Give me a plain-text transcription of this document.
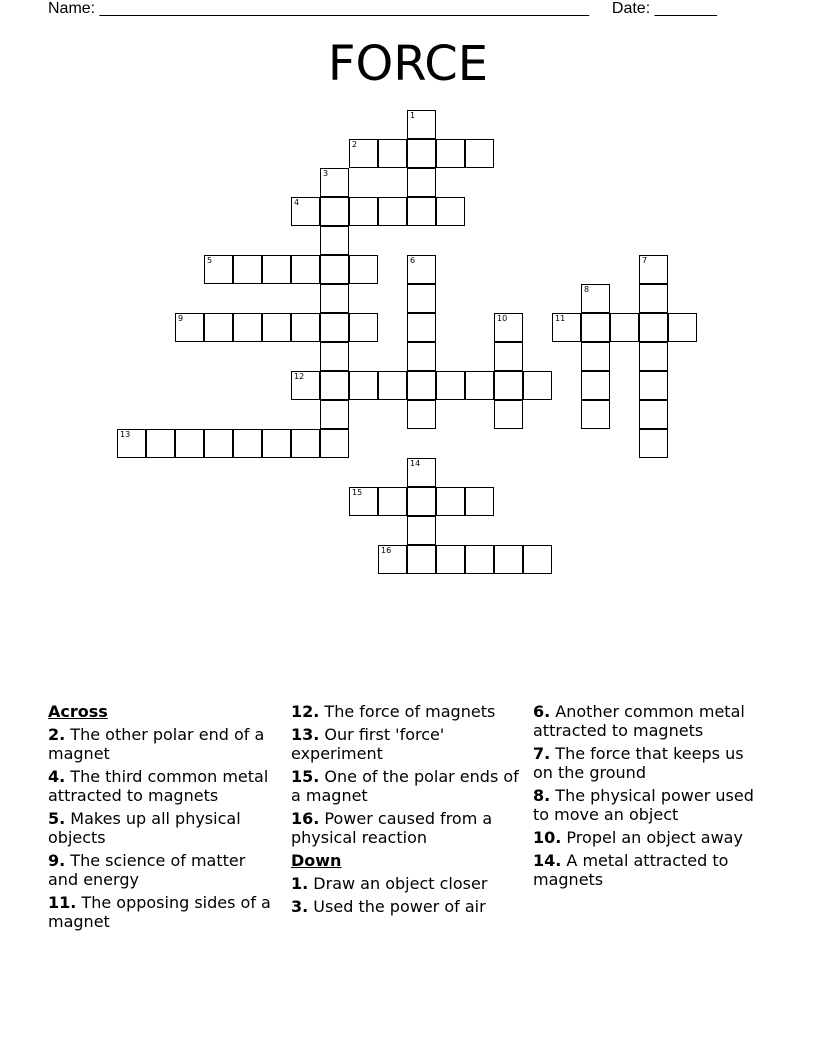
Name: _______________________________________________________ Date: _______
FORCE
1
2
3
4
5	6	7
8
9	10	11
12
13
14
15
16
Across
2. The other polar end of a magnet
4. The third common metal attracted to magnets
5. Makes up all physical objects
9. The science of matter and energy
11. The opposing sides of a magnet
12. The force of magnets
13. Our first 'force' experiment
15. One of the polar ends of a magnet
16. Power caused from a physical reaction
Down
1. Draw an object closer
3. Used the power of air
6. Another common metal attracted to magnets
7. The force that keeps us on the ground
8. The physical power used to move an object
10. Propel an object away
14. A metal attracted to magnets
